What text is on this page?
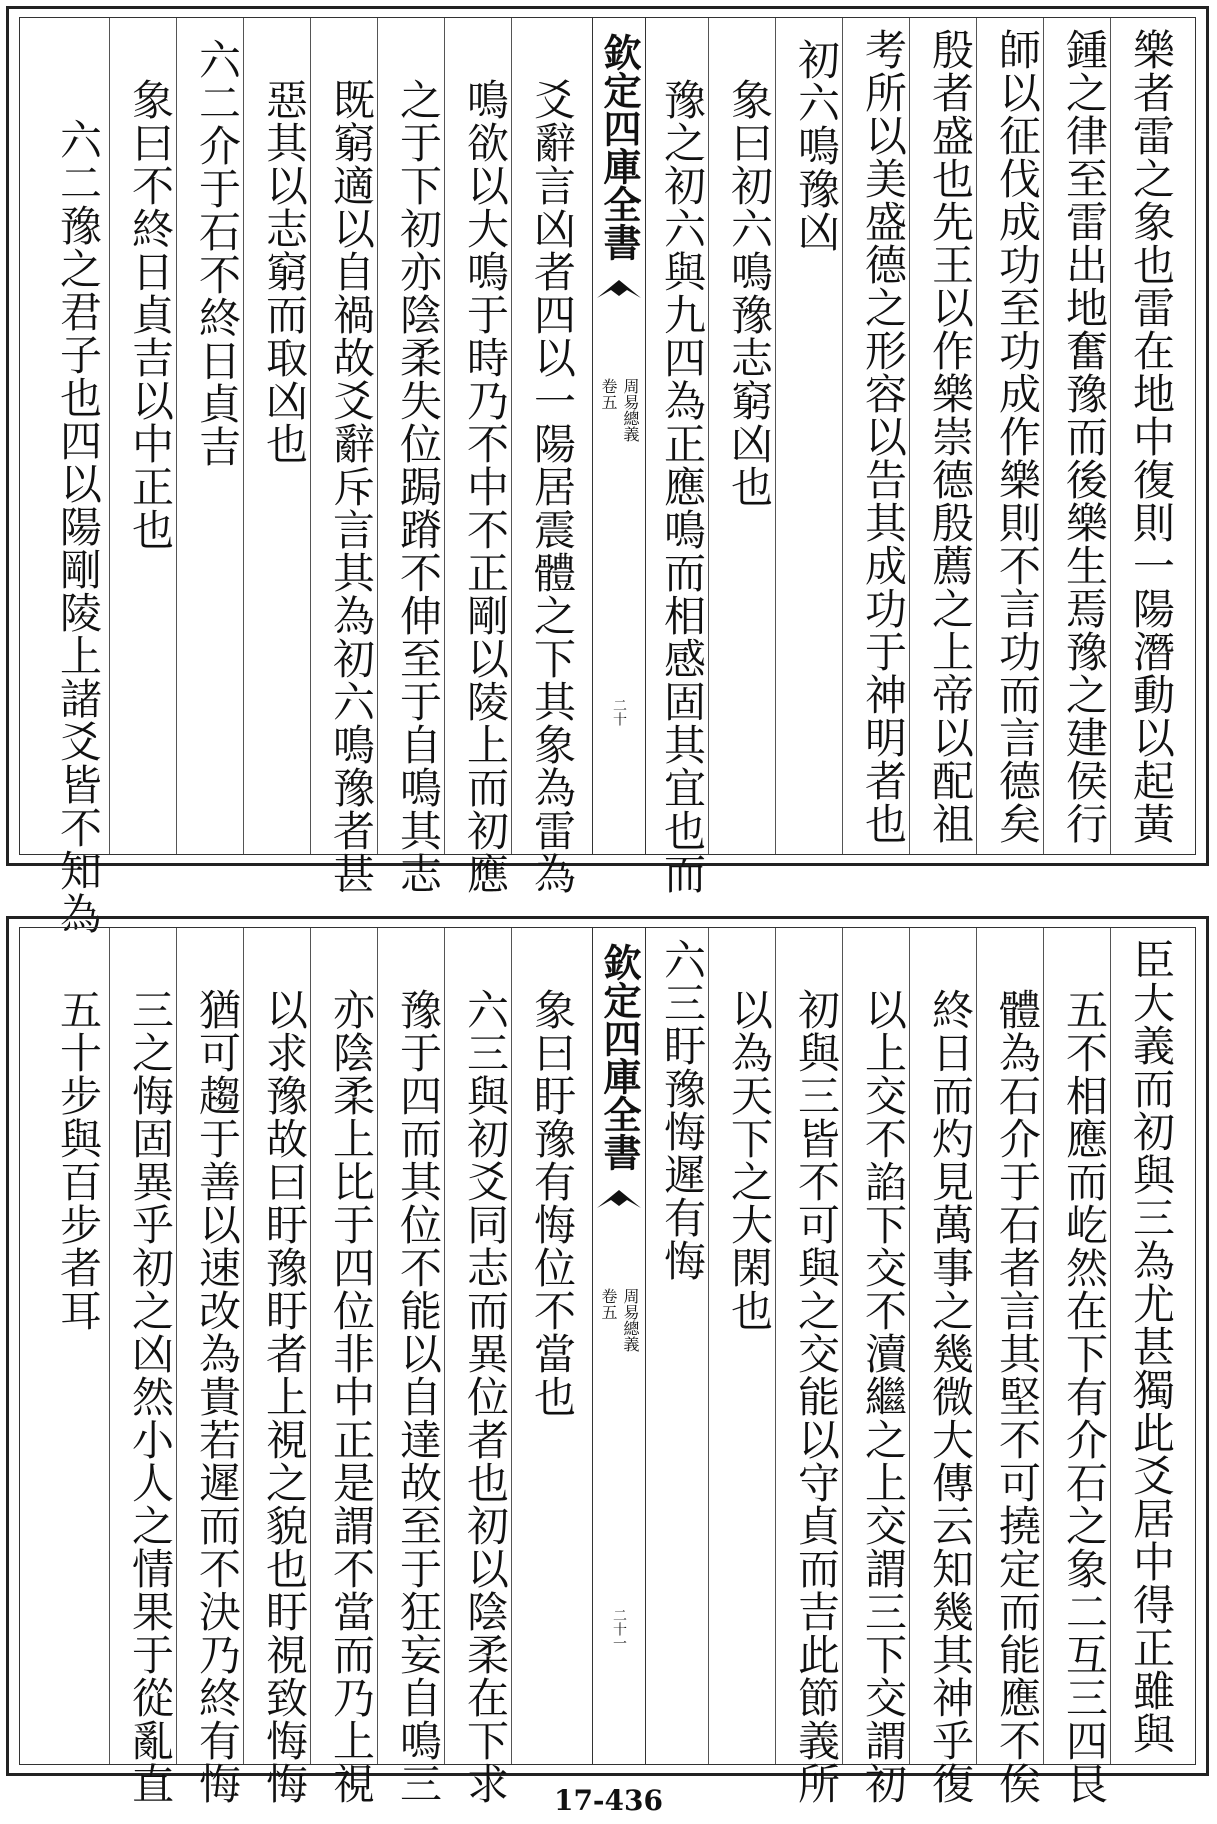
樂者雷之象也雷在地中復則一陽潛動以起黃
鍾之律至雷出地奮豫而後樂生焉豫之建侯行
師以征伐成功至功成作樂則不言功而言德矣
殷者盛也先王以作樂崇德殷薦之上帝以配祖
考所以美盛德之形容以告其成功于神明者也
初六鳴豫凶
象曰初六鳴豫志窮凶也
豫之初六與九四為正應鳴而相感固其宜也而
欽定四庫全書
周易總義
卷五
二十
爻辭言凶者四以一陽居震體之下其象為雷為
鳴欲以大鳴于時乃不中不正剛以陵上而初應
之于下初亦陰柔失位跼蹐不伸至于自鳴其志
既窮適以自禍故爻辭斥言其為初六鳴豫者甚
惡其以志窮而取凶也
六二介于石不終日貞吉
象曰不終日貞吉以中正也
六二豫之君子也四以陽剛陵上諸爻皆不知為
臣大義而初與三為尤甚獨此爻居中得正雖與
五不相應而屹然在下有介石之象二互三四艮
體為石介于石者言其堅不可撓定而能應不俟
終日而灼見萬事之幾微大傳云知幾其神乎復
以上交不諂下交不瀆繼之上交謂三下交謂初
初與三皆不可與之交能以守貞而吉此節義所
以為天下之大閑也
六三盱豫悔遲有悔
欽定四庫全書
周易總義
卷五
二十一
象曰盱豫有悔位不當也
六三與初爻同志而異位者也初以陰柔在下求
豫于四而其位不能以自達故至于狂妄自鳴三
亦陰柔上比于四位非中正是謂不當而乃上視
以求豫故曰盱豫盱者上視之貌也盱視致悔悔
猶可趨于善以速改為貴若遲而不決乃終有悔
三之悔固異乎初之凶然小人之情果于從亂直
五十步與百步者耳
17-436
